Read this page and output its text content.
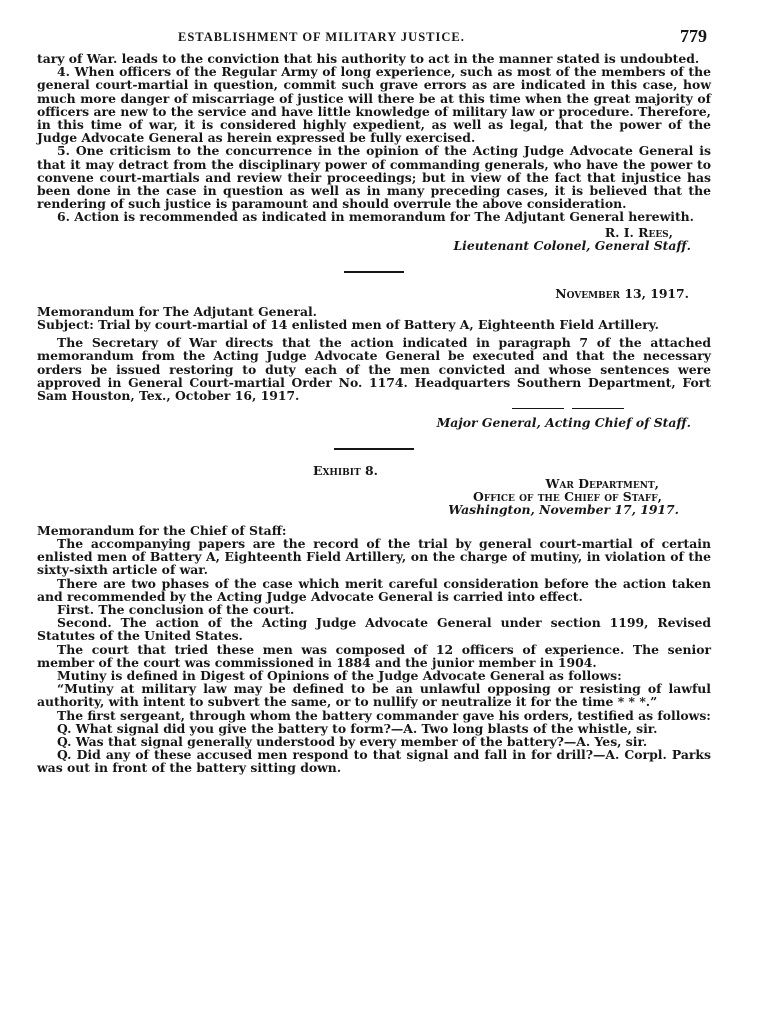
ESTABLISHMENT OF MILITARY JUSTICE.	779

tary of War. leads to the conviction that his authority to act in the manner stated is undoubted.

4. When officers of the Regular Army of long experience, such as most of the members of the general court-martial in question, commit such grave errors as are indicated in this case, how much more danger of miscarriage of justice will there be at this time when the great majority of officers are new to the service and have little knowledge of military law or procedure. Therefore, in this time of war, it is considered highly expedient, as well as legal, that the power of the Judge Advocate General as herein expressed be fully exercised.

5. One criticism to the concurrence in the opinion of the Acting Judge Advocate General is that it may detract from the disciplinary power of commanding generals, who have the power to convene court-martials and review their proceedings; but in view of the fact that injustice has been done in the case in question as well as in many preceding cases, it is believed that the rendering of such justice is paramount and should overrule the above consideration.

6. Action is recommended as indicated in memorandum for The Adjutant General herewith.

R. I. Rees,

Lieutenant Colonel, General Staff.

November 13, 1917.

Memorandum for The Adjutant General.

Subject: Trial by court-martial of 14 enlisted men of Battery A, Eighteenth Field Artillery.

The Secretary of War directs that the action indicated in paragraph 7 of the attached memorandum from the Acting Judge Advocate General be executed and that the necessary orders be issued restoring to duty each of the men convicted and whose sentences were approved in General Court-martial Order No. 1174. Headquarters Southern Department, Fort Sam Houston, Tex., October 16, 1917.

Major General, Acting Chief of Staff.

Exhibit 8.

War Department,

Office of the Chief of Staff,

Washington, November 17, 1917.

Memorandum for the Chief of Staff:

The accompanying papers are the record of the trial by general court-martial of certain enlisted men of Battery A, Eighteenth Field Artillery, on the charge of mutiny, in violation of the sixty-sixth article of war.

There are two phases of the case which merit careful consideration before the action taken and recommended by the Acting Judge Advocate General is carried into effect.

First. The conclusion of the court.

Second. The action of the Acting Judge Advocate General under section 1199, Revised Statutes of the United States.

The court that tried these men was composed of 12 officers of experience. The senior member of the court was commissioned in 1884 and the junior member in 1904.

Mutiny is defined in Digest of Opinions of the Judge Advocate General as follows:

“Mutiny at military law may be defined to be an unlawful opposing or resisting of lawful authority, with intent to subvert the same, or to nullify or neutralize it for the time * * *.”

The first sergeant, through whom the battery commander gave his orders, testified as follows:

Q. What signal did you give the battery to form?—A. Two long blasts of the whistle, sir.

Q. Was that signal generally understood by every member of the battery?—A. Yes, sir.

Q. Did any of these accused men respond to that signal and fall in for drill?—A. Corpl. Parks was out in front of the battery sitting down.
